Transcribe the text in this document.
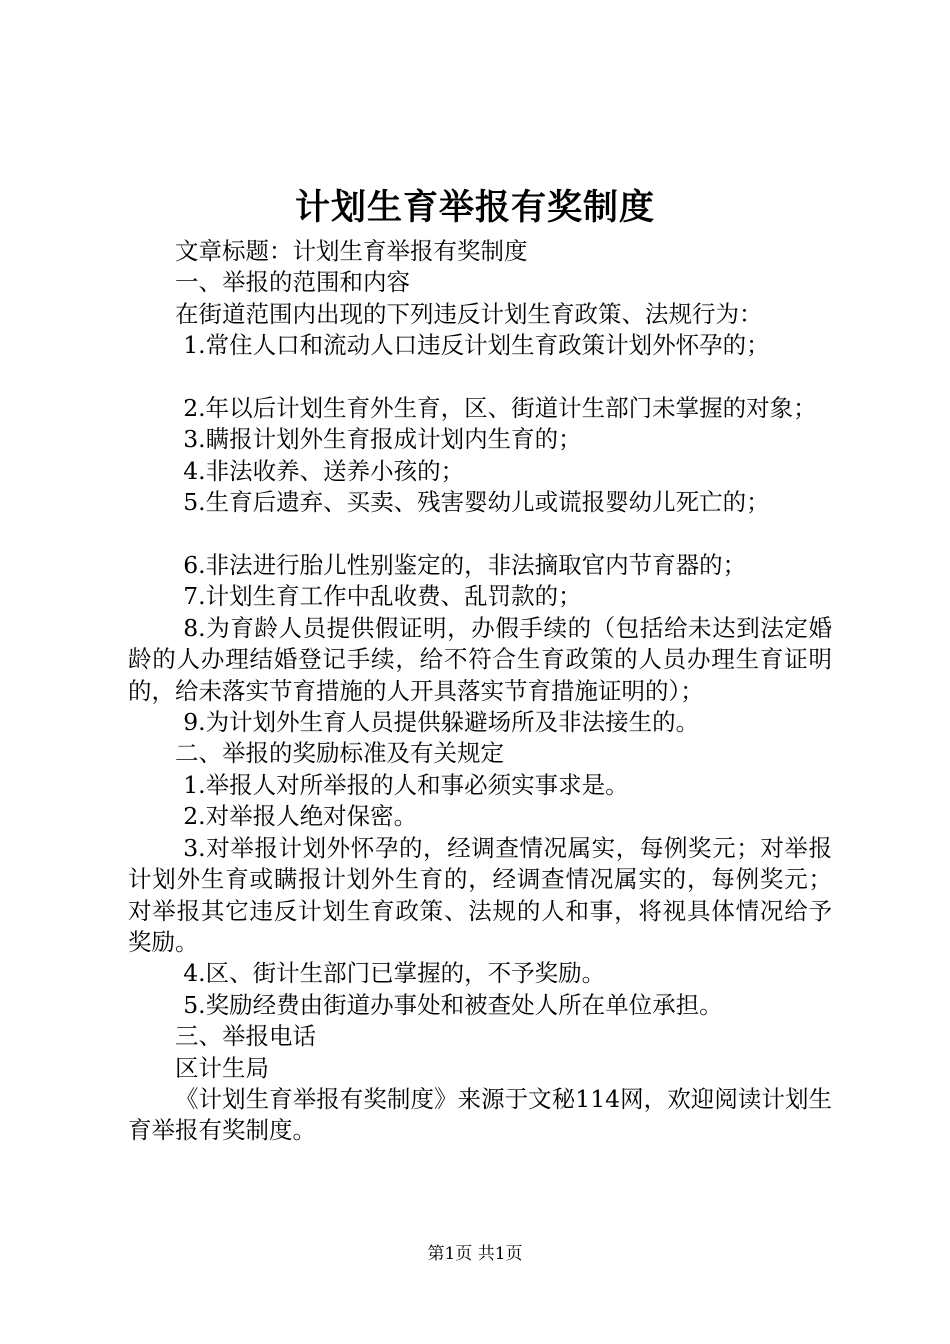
计划生育举报有奖制度

文章标题：计划生育举报有奖制度

一、举报的范围和内容

在街道范围内出现的下列违反计划生育政策、法规行为：

1.常住人口和流动人口违反计划生育政策计划外怀孕的；

2.年以后计划生育外生育，区、街道计生部门未掌握的对象；

3.瞒报计划外生育报成计划内生育的；

4.非法收养、送养小孩的；

5.生育后遗弃、买卖、残害婴幼儿或谎报婴幼儿死亡的；

6.非法进行胎儿性别鉴定的，非法摘取官内节育器的；

7.计划生育工作中乱收费、乱罚款的；

8.为育龄人员提供假证明，办假手续的（包括给未达到法定婚龄的人办理结婚登记手续，给不符合生育政策的人员办理生育证明的，给未落实节育措施的人开具落实节育措施证明的）；

9.为计划外生育人员提供躲避场所及非法接生的。

二、举报的奖励标准及有关规定

1.举报人对所举报的人和事必须实事求是。

2.对举报人绝对保密。

3.对举报计划外怀孕的，经调查情况属实，每例奖元；对举报计划外生育或瞒报计划外生育的，经调查情况属实的，每例奖元；对举报其它违反计划生育政策、法规的人和事，将视具体情况给予奖励。

4.区、街计生部门已掌握的，不予奖励。

5.奖励经费由街道办事处和被查处人所在单位承担。

三、举报电话

区计生局

《计划生育举报有奖制度》来源于文秘114网，欢迎阅读计划生育举报有奖制度。

第1页 共1页
